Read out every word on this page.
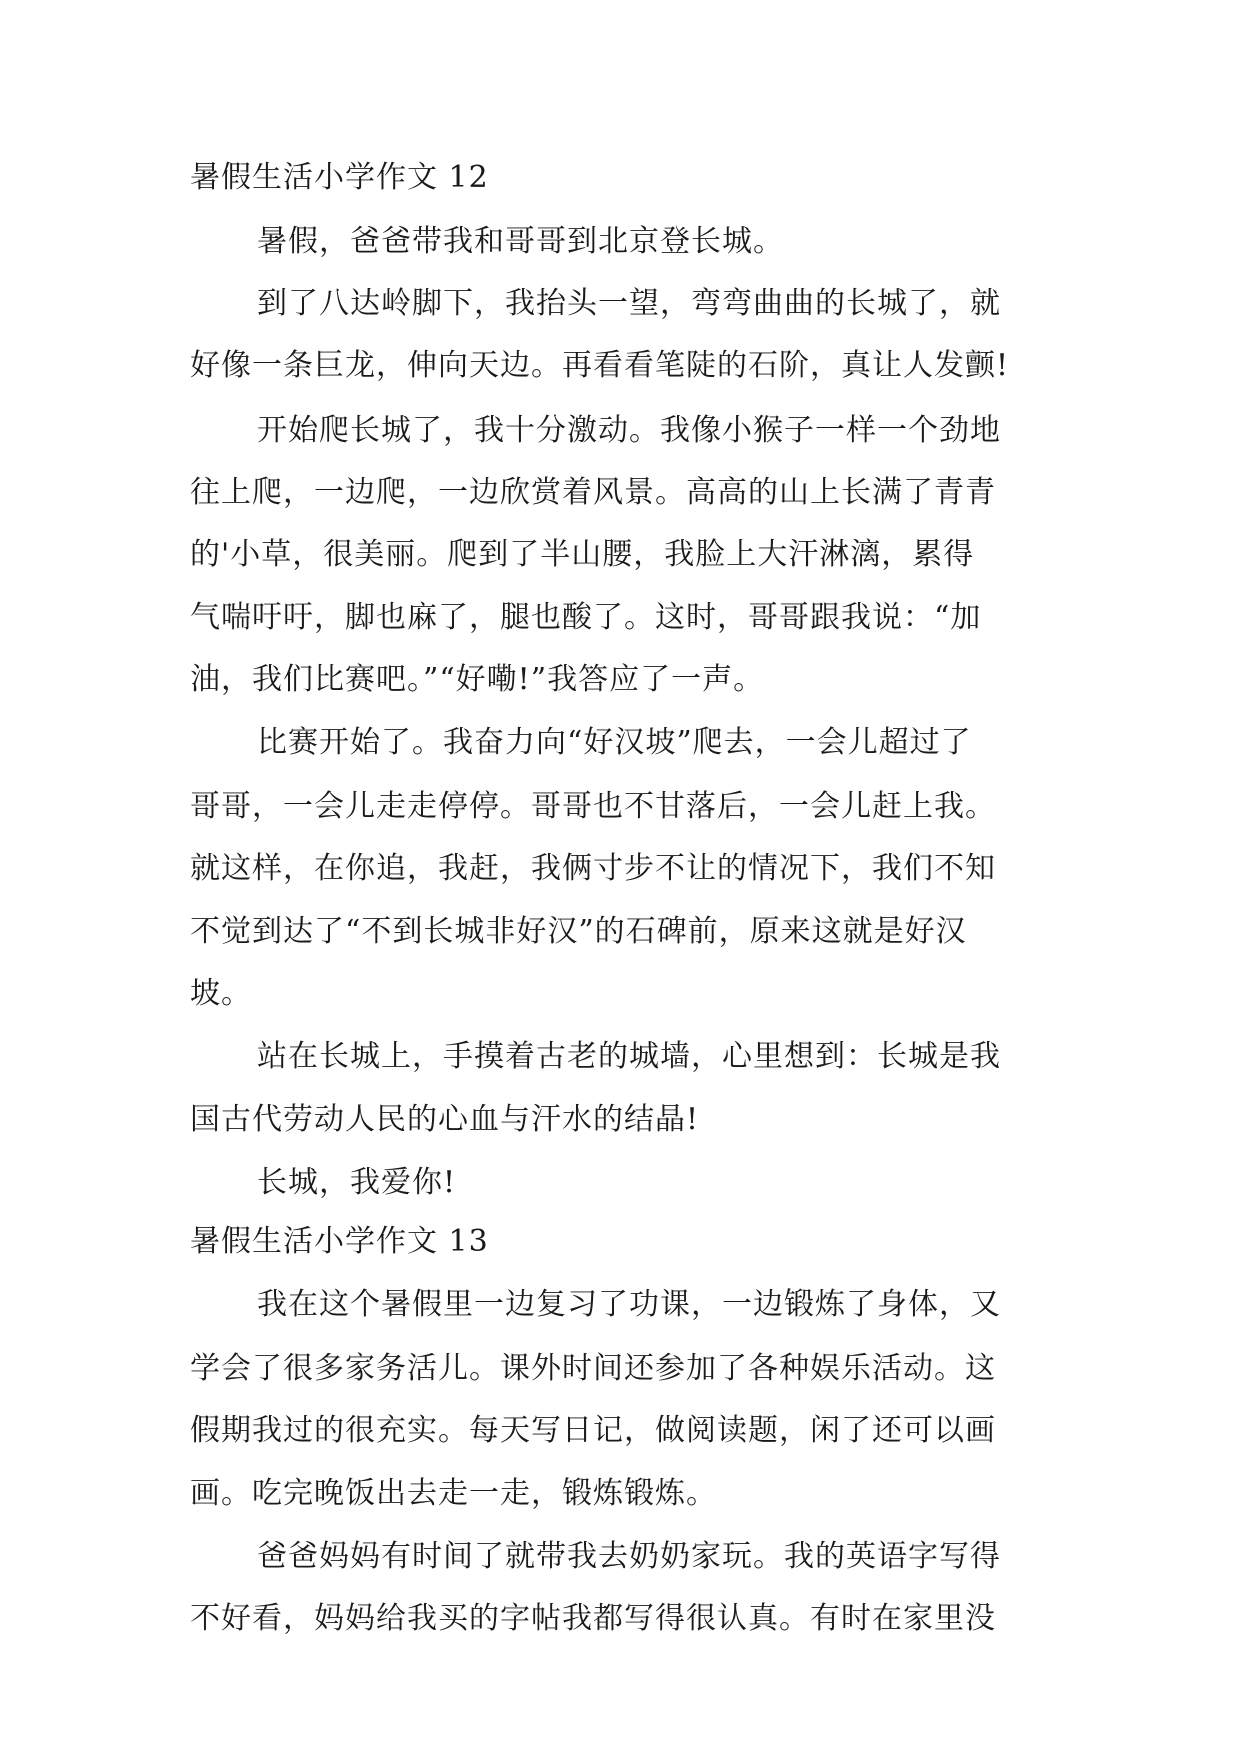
暑假生活小学作文 12
暑假，爸爸带我和哥哥到北京登长城。
到了八达岭脚下，我抬头一望，弯弯曲曲的长城了，就
好像一条巨龙，伸向天边。再看看笔陡的石阶，真让人发颤!
开始爬长城了，我十分激动。我像小猴子一样一个劲地
往上爬，一边爬，一边欣赏着风景。高高的山上长满了青青
的'小草，很美丽。爬到了半山腰，我脸上大汗淋漓，累得
气喘吁吁，脚也麻了，腿也酸了。这时，哥哥跟我说：“加
油，我们比赛吧。”“好嘞!”我答应了一声。
比赛开始了。我奋力向“好汉坡”爬去，一会儿超过了
哥哥，一会儿走走停停。哥哥也不甘落后，一会儿赶上我。
就这样，在你追，我赶，我俩寸步不让的情况下，我们不知
不觉到达了“不到长城非好汉”的石碑前，原来这就是好汉
坡。
站在长城上，手摸着古老的城墙，心里想到：长城是我
国古代劳动人民的心血与汗水的结晶!
长城，我爱你!
暑假生活小学作文 13
我在这个暑假里一边复习了功课，一边锻炼了身体，又
学会了很多家务活儿。课外时间还参加了各种娱乐活动。这
假期我过的很充实。每天写日记，做阅读题，闲了还可以画
画。吃完晚饭出去走一走，锻炼锻炼。
爸爸妈妈有时间了就带我去奶奶家玩。我的英语字写得
不好看，妈妈给我买的字帖我都写得很认真。有时在家里没
